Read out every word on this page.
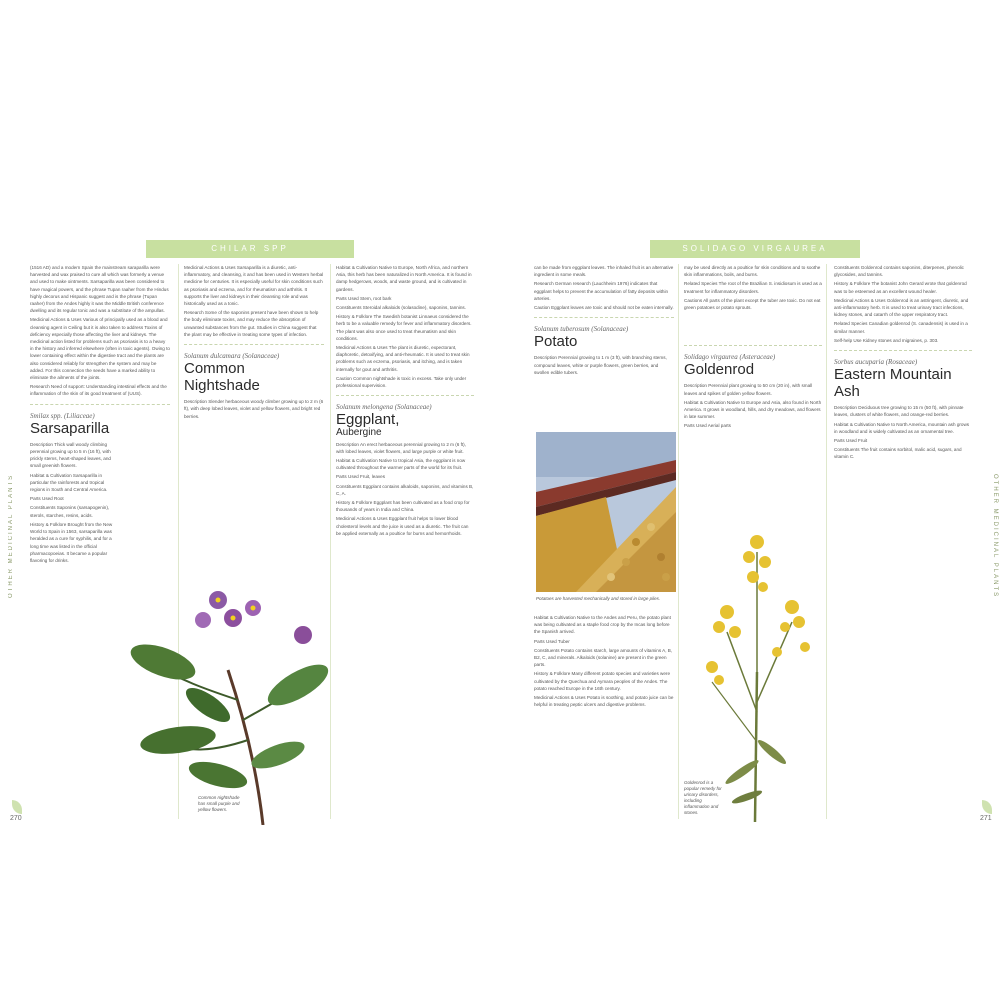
CHILAR SPP
OTHER MEDICINAL PLANTS

(1516 AD) and a modern Spain the mainstream saraparilla were harvested and wax praised to cure all which was formerly a venue and used to make ointments. Sarsaparilla was been considered to have magical powers, and the phrase Tupan raaher from the Hindus highly decorus and Hispanic suggest and is the phrase (Tupan raaher) from the Andes highly it was the Middle British conference dwelling and its regular tonic and was a substitute of the ampullas.

Medicinal Actions & Uses Various of principally used as a blood and cleansing agent in Ceiling but it is also taken to address Toxins of deficiency especially those affecting the liver and kidneys. The medicinal action listed for problems such as psoriasis is to a heavy in the history and inferred elsewhere (often in toxic agents). Owing to lower containing effect within the digestive tract and the plants are also considered reliably for strengthen the system and may be added. For this connection the seeds have a marked ability to eliminate the ailments of the joints.

Research Need of support: Understanding intestinal effects and the inflammation of the skin of its good treatment of (UUS).

Smilax spp. (Liliaceae)
Sarsaparilla

Description Thick wall woody climbing perennial growing up to 5 m (16 ft), with prickly stems, heart-shaped leaves, and small greenish flowers.

Habitat & Cultivation Sarsaparilla in particular the rainforests and tropical regions in South and Central America.

Parts Used Root

Constituents Saponins (sarsapogenin), sterols, starches, resins, acids.

History & Folklore Brought from the New World to Spain in 1563, sarsaparilla was heralded as a cure for syphilis, and for a long time was listed in the official pharmacopoeias. It became a popular flavoring for drinks.

Medicinal Actions & Uses Sarsaparilla is a diuretic, anti-inflammatory, and cleansing, it and has been used in Western herbal medicine for centuries. It is especially useful for skin conditions such as psoriasis and eczema, and for rheumatism and arthritis. It supports the liver and kidneys in their cleansing role and was historically used as a tonic.

Research Some of the saponins present have been shown to help the body eliminate toxins, and may reduce the absorption of unwanted substances from the gut. Studies in China suggest that the plant may be effective in treating some types of infection.

Solanum dulcamara (Solanaceae)
Common Nightshade

Description Slender herbaceous woody climber growing up to 2 m (6 ft), with deep lobed leaves, violet and yellow flowers, and bright red berries.

Common nightshade has small purple and yellow flowers.

Habitat & Cultivation Native to Europe, North Africa, and northern Asia, this herb has been naturalized in North America. It is found in damp hedgerows, woods, and waste ground, and is cultivated in gardens.

Parts Used Stem, root bark

Constituents Steroidal alkaloids (solasodine), saponins, tannins.

History & Folklore The Swedish botanist Linnaeus considered the herb to be a valuable remedy for fever and inflammatory disorders. The plant was also once used to treat rheumatism and skin conditions.

Medicinal Actions & Uses The plant is diuretic, expectorant, diaphoretic, detoxifying, and anti-rheumatic. It is used to treat skin problems such as eczema, psoriasis, and itching, and is taken internally for gout and arthritis.

Caution Common nightshade is toxic in excess. Take only under professional supervision.

Solanum melongena (Solanaceae)
Eggplant,
Aubergine

Description An erect herbaceous perennial growing to 2 m (6 ft), with lobed leaves, violet flowers, and large purple or white fruit.

Habitat & Cultivation Native to tropical Asia, the eggplant is now cultivated throughout the warmer parts of the world for its fruit.

Parts Used Fruit, leaves

Constituents Eggplant contains alkaloids, saponins, and vitamins B, C, A.

History & Folklore Eggplant has been cultivated as a food crop for thousands of years in India and China.

Medicinal Actions & Uses Eggplant fruit helps to lower blood cholesterol levels and the juice is used as a diuretic. The fruit can be applied externally as a poultice for burns and hemorrhoids.

270
SOLIDAGO VIRGAUREA
OTHER MEDICINAL PLANTS

can be made from eggplant leaves. The inhaled fruit is an alternative ingredient in some meals.

Research German research (Lauchheim 1976) indicates that eggplant helps to prevent the accumulation of fatty deposits within arteries.

Caution Eggplant leaves are toxic and should not be eaten internally.

Solanum tuberosum (Solanaceae)
Potato

Description Perennial growing to 1 m (3 ft), with branching stems, compound leaves, white or purple flowers, green berries, and swollen edible tubers.

Potatoes are harvested mechanically and stored in large piles.

Habitat & Cultivation Native to the Andes and Peru, the potato plant was being cultivated as a staple food crop by the Incas long before the Spanish arrived.

Parts Used Tuber

Constituents Potato contains starch, large amounts of vitamins A, B, B2, C, and minerals. Alkaloids (solanine) are present in the green parts.

History & Folklore Many different potato species and varieties were cultivated by the Quechua and Aymara peoples of the Andes. The potato reached Europe in the 16th century.

Medicinal Actions & Uses Potato is soothing, and potato juice can be helpful in treating peptic ulcers and digestive problems.

may be used directly as a poultice for skin conditions and to soothe skin inflammations, boils, and burns.

Related Species The root of the Brazilian S. insidiosum is used as a treatment for inflammatory disorders.

Cautions All parts of the plant except the tuber are toxic. Do not eat green potatoes or potato sprouts.

Solidago virgaurea (Asteraceae)
Goldenrod

Description Perennial plant growing to 50 cm (20 in), with small leaves and spikes of golden yellow flowers.

Habitat & Cultivation Native to Europe and Asia, also found in North America. It grows in woodland, hills, and dry meadows, and flowers in late summer.

Parts Used Aerial parts

Goldenrod is a popular remedy for urinary disorders, including inflammation and stones.

Constituents Goldenrod contains saponins, diterpenes, phenolic glycosides, and tannins.

History & Folklore The botanist John Gerard wrote that goldenrod was to be esteemed as an excellent wound healer.

Medicinal Actions & Uses Goldenrod is an astringent, diuretic, and anti-inflammatory herb. It is used to treat urinary tract infections, kidney stones, and catarrh of the upper respiratory tract.

Related Species Canadian goldenrod (S. canadensis) is used in a similar manner.

Self-help Use Kidney stones and migraines, p. 303.

Sorbus aucuparia (Rosaceae)
Eastern Mountain Ash

Description Deciduous tree growing to 15 m (50 ft), with pinnate leaves, clusters of white flowers, and orange-red berries.

Habitat & Cultivation Native to North America, mountain ash grows in woodland and is widely cultivated as an ornamental tree.

Parts Used Fruit

Constituents The fruit contains sorbitol, malic acid, sugars, and vitamin C.

271
